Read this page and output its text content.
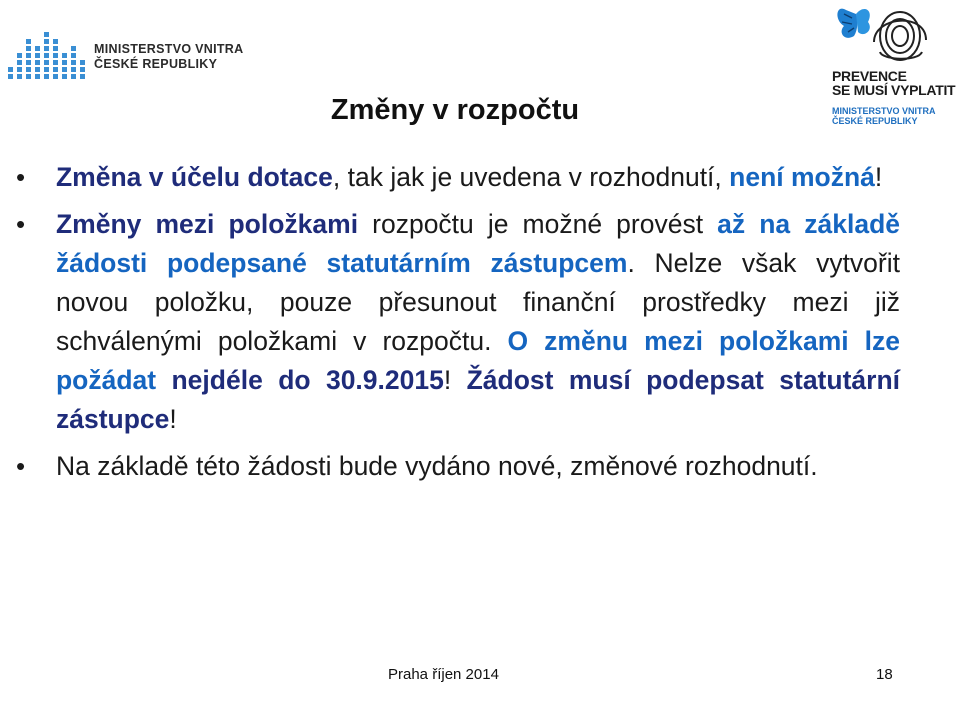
MINISTERSTVO VNITRA
ČESKÉ REPUBLIKY
PREVENCE
SE MUSÍ VYPLATIT
MINISTERSTVO VNITRA
ČESKÉ REPUBLIKY
Změny v rozpočtu
• Změna v účelu dotace, tak jak je uvedena v rozhodnutí, není možná!
• Změny mezi položkami rozpočtu je možné provést až na základě žádosti podepsané statutárním zástupcem. Nelze však vytvořit novou položku, pouze přesunout finanční prostředky mezi již schválenými položkami v rozpočtu. O změnu mezi položkami lze požádat nejdéle do 30.9.2015! Žádost musí podepsat statutární zástupce!
• Na základě této žádosti bude vydáno nové, změnové rozhodnutí.
Praha říjen 2014	18
